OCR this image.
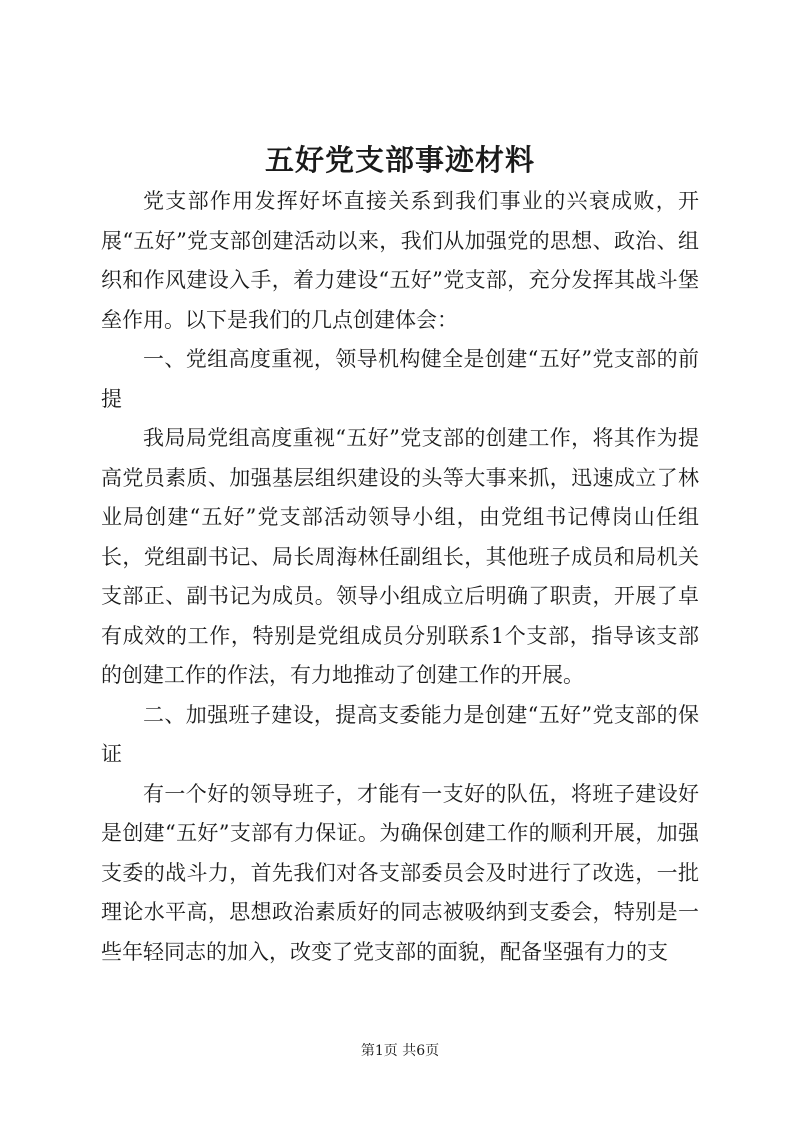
五好党支部事迹材料

党支部作用发挥好坏直接关系到我们事业的兴衰成败，开展“五好”党支部创建活动以来，我们从加强党的思想、政治、组织和作风建设入手，着力建设“五好”党支部，充分发挥其战斗堡垒作用。以下是我们的几点创建体会：

一、党组高度重视，领导机构健全是创建“五好”党支部的前提

我局局党组高度重视“五好”党支部的创建工作，将其作为提高党员素质、加强基层组织建设的头等大事来抓，迅速成立了林业局创建“五好”党支部活动领导小组，由党组书记傅岗山任组长，党组副书记、局长周海林任副组长，其他班子成员和局机关支部正、副书记为成员。领导小组成立后明确了职责，开展了卓有成效的工作，特别是党组成员分别联系1个支部，指导该支部的创建工作的作法，有力地推动了创建工作的开展。

二、加强班子建设，提高支委能力是创建“五好”党支部的保证

有一个好的领导班子，才能有一支好的队伍，将班子建设好是创建“五好”支部有力保证。为确保创建工作的顺利开展，加强支委的战斗力，首先我们对各支部委员会及时进行了改选，一批理论水平高，思想政治素质好的同志被吸纳到支委会，特别是一些年轻同志的加入，改变了党支部的面貌，配备坚强有力的支

第1页 共6页
